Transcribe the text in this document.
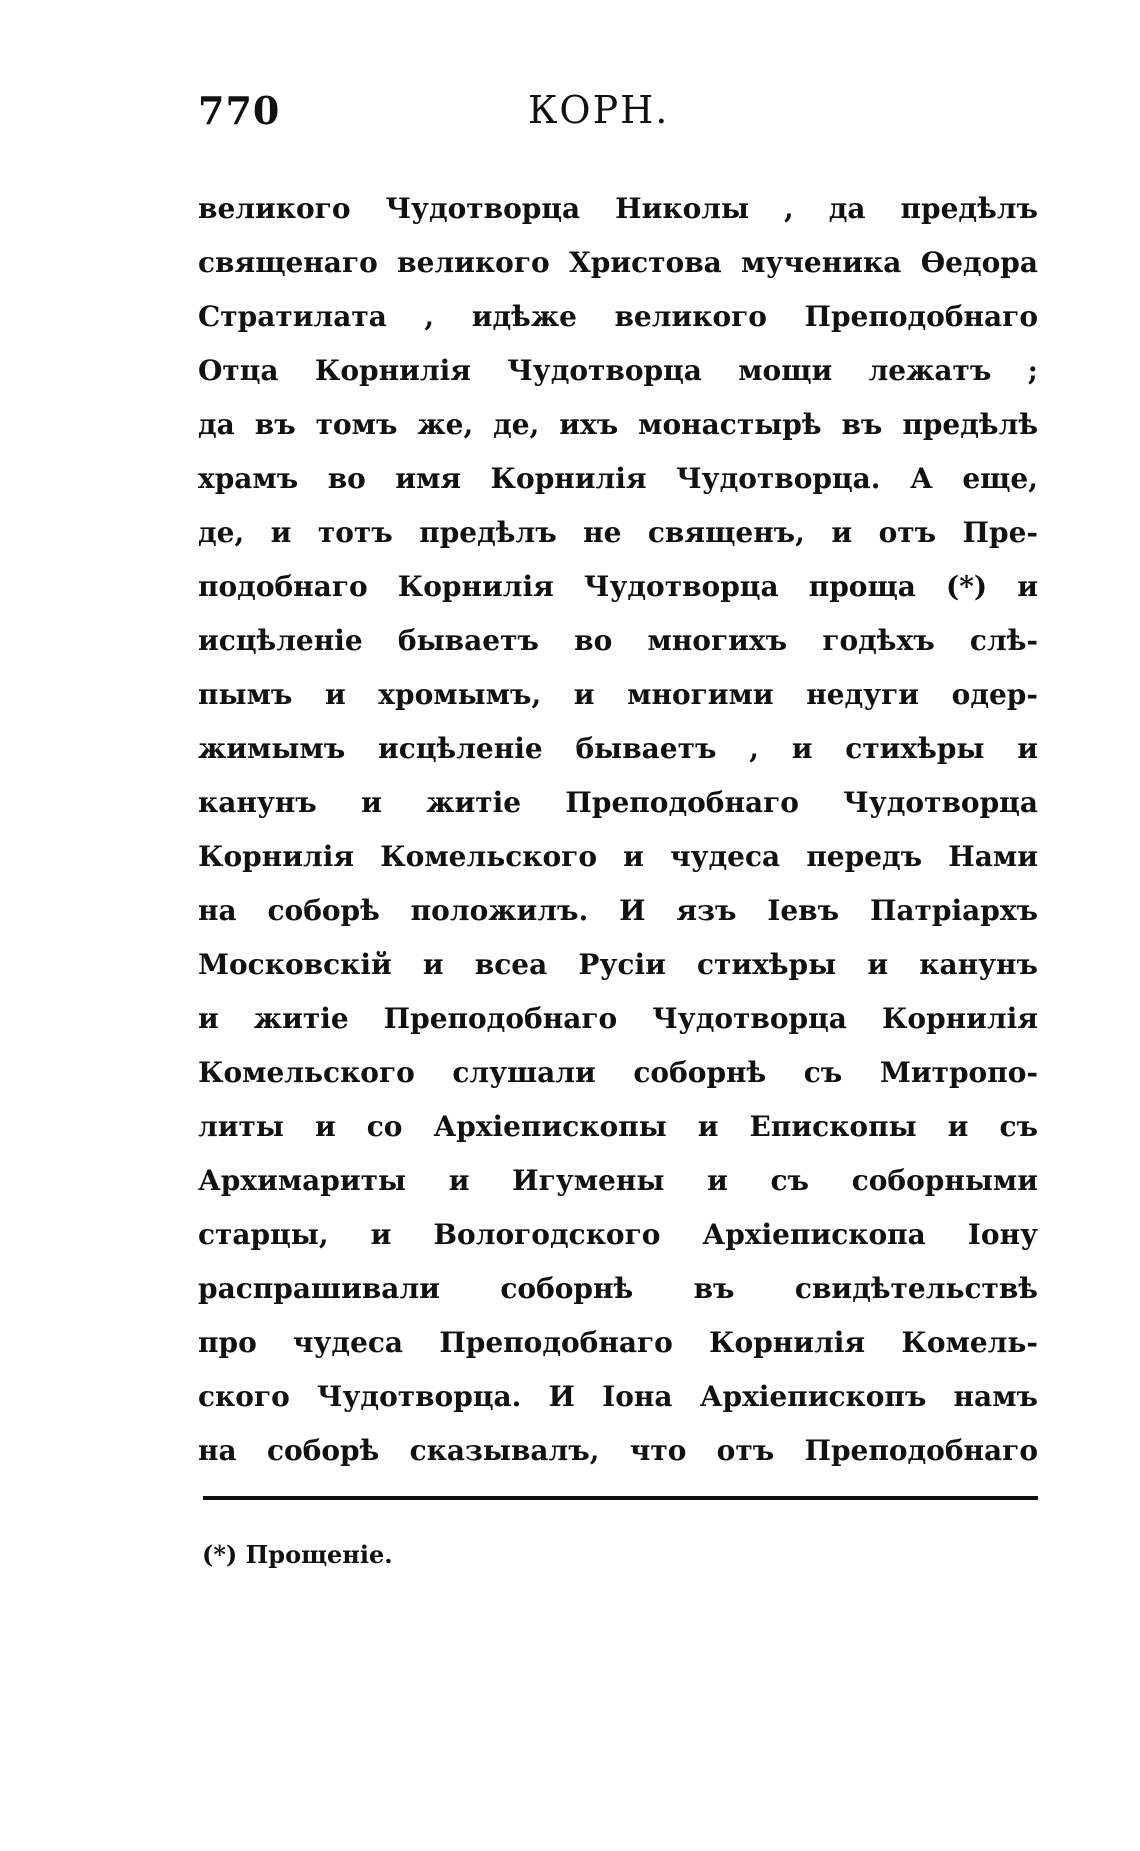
770	КОРН.
великого Чудотворца Николы , да предѣлъ
священаго великого Христова мученика Өедора
Стратилата , идѣже великого Преподобнаго
Отца Корнилія Чудотворца мощи лежатъ ;
да въ томъ же, де, ихъ монастырѣ въ предѣлѣ
храмъ во имя Корнилія Чудотворца. А еще,
де, и тотъ предѣлъ не священъ, и отъ Пре-
подобнаго Корнилія Чудотворца проща (*) и
исцѣленіе бываетъ во многихъ годѣхъ слѣ-
пымъ и хромымъ, и многими недуги одер-
жимымъ исцѣленіе бываетъ , и стихѣры и
канунъ и житіе Преподобнаго Чудотворца
Корнилія Комельского и чудеса передъ Нами
на соборѣ положилъ. И язъ Іевъ Патріархъ
Московскій и всеа Русіи стихѣры и канунъ
и житіе Преподобнаго Чудотворца Корнилія
Комельского слушали соборнѣ съ Митропо-
литы и со Архіепископы и Епископы и съ
Архимариты и Игумены и съ соборными
старцы, и Вологодского Архіепископа Іону
распрашивали соборнѣ въ свидѣтельствѣ
про чудеса Преподобнаго Корнилія Комель-
ского Чудотворца. И Іона Архіепископъ намъ
на соборѣ сказывалъ, что отъ Преподобнаго
(*) Прощеніе.
